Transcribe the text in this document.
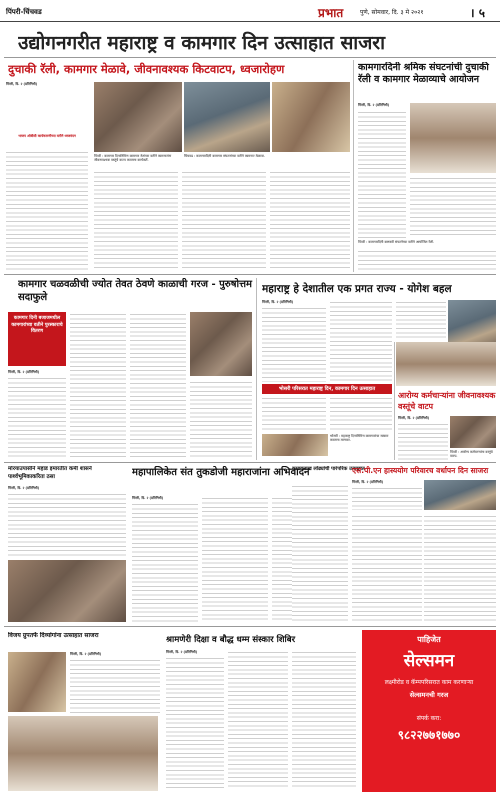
पिंपरी-चिंचवड	प्रभात	पुणे, सोमवार, दि. ३ मे २०२१	। ५
उद्योगनगरीत महाराष्ट्र व कामगार दिन उत्साहात साजरा
दुचाकी रॅली, कामगार मेळावे, जीवनावश्यक किटवाटप, ध्वजारोहण
पिंपरी, दि. २ (प्रतिनिधी)

भाजप ओबीसी कार्यकारणीच्या वतीने ध्वजवंदन
पिंपरी : कामगार दिनानिमित्त कामगार नेतांच्या वतीने कामगारांना जीवनावश्यक वस्तूंचे वाटप करताना कार्यकर्ते.
चिंचवड : कामगारदिनी कामगार संघटनांच्या वतीने कामगार मेळावा.
कामगारदिनी श्रमिक संघटनांची दुचाकी रॅली व कामगार मेळाव्याचे आयोजन
पिंपरी, दि. २ (प्रतिनिधी)
पिंपरी : कामगारदिनी कष्टकरी संघटनेच्या वतीने आयोजित रॅली.
कामगार चळवळीची ज्योत तेवत ठेवणे काळाची गरज - पुरुषोत्तम सदाफुले
कामगार दिनी बजाजमधील कामगारांच्या वतीने पुरस्काराचे वितरण
पिंपरी, दि. २ (प्रतिनिधी)
महाराष्ट्र हे देशातील एक प्रगत राज्य - योगेश बहल
पिंपरी, दि. २ (प्रतिनिधी)
भोसरी परिसरात महाराष्ट्र दिन, कामगार दिन उत्साहात
भोसरी : महाराष्ट्र दिनानिमित्त कामगारांचा सत्कार करताना मान्यवर.
आरोग्य कर्मचाऱ्यांना जीवनावश्यक वस्तूंचे वाटप
पिंपरी, दि. २ (प्रतिनिधी)
पिंपरी : आरोग्य कर्मचाऱ्यांना वस्तूंचे वाटप.
मोरयाउपासीने महाड इमारतीत कर्मी शासने पार्श्वभूमिकाकरिता ठसा
पिंपरी, दि. २ (प्रतिनिधी)
महापालिकेत संत तुकडोजी महाराजांना अभिवादन
पिंपरी, दि. २ (प्रतिनिधी)
कमावलाख लोंढ्यांची पारंपरिक उत्साहात
एस.पी.एन हास्ययोग परिवारच वर्धापन दिन साजरा
पिंपरी, दि. २ (प्रतिनिधी)
विजय ग्रुपतर्फे दिव्यांगांना उत्साहात साजरा
पिंपरी, दि. २ (प्रतिनिधी)
श्रामणेरी दिक्षा व बौद्ध धम्म संस्कार शिबिर
पिंपरी, दि. २ (प्रतिनिधी)
पाहिजेत
सेल्समन
लक्ष्मीरोड व कॅम्पपरिसरात काम करणाऱ्या
सेल्समनची गरज
संपर्क करा:
९८२२७७१७७०
